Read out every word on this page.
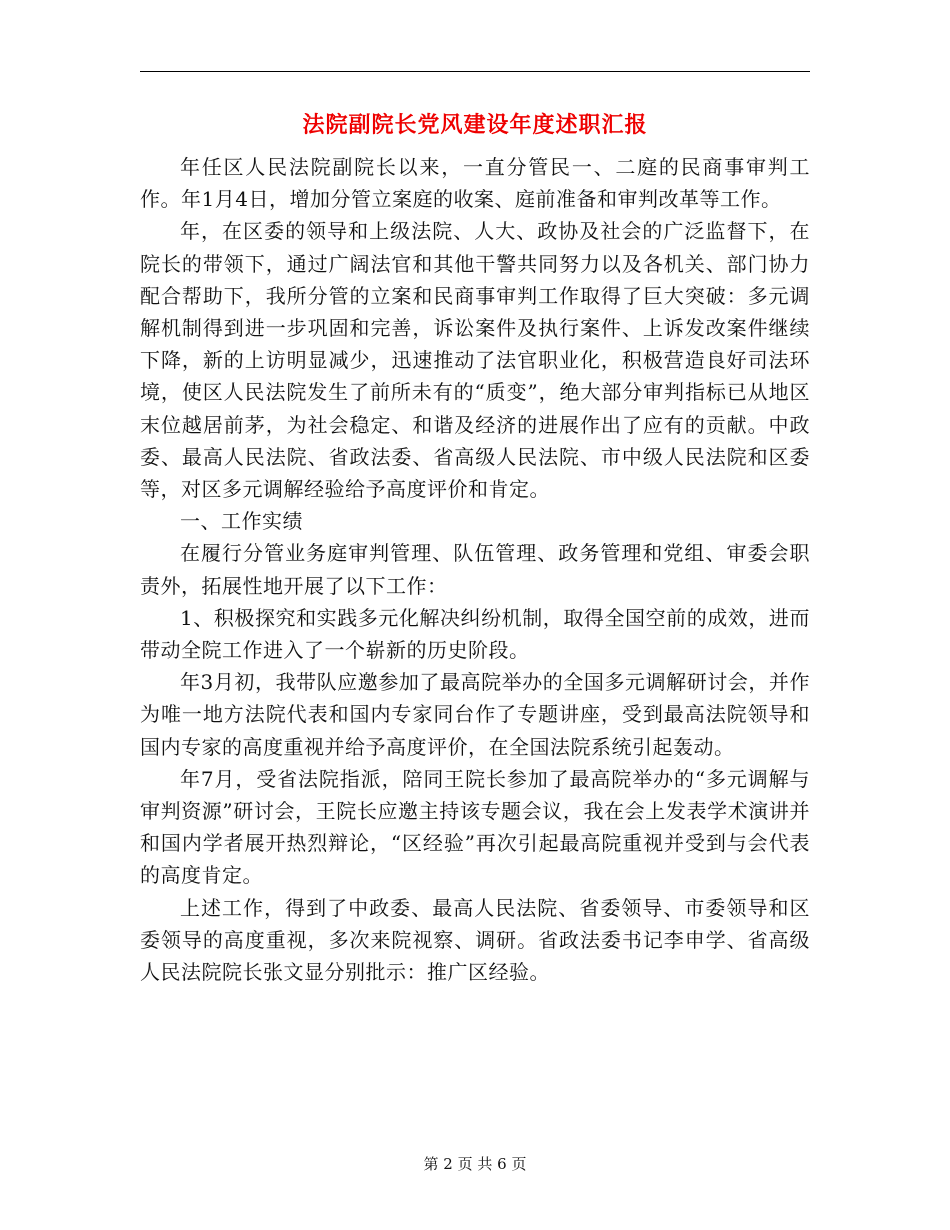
法院副院长党风建设年度述职汇报

年任区人民法院副院长以来，一直分管民一、二庭的民商事审判工作。年1月4日，增加分管立案庭的收案、庭前准备和审判改革等工作。

年，在区委的领导和上级法院、人大、政协及社会的广泛监督下，在院长的带领下，通过广阔法官和其他干警共同努力以及各机关、部门协力配合帮助下，我所分管的立案和民商事审判工作取得了巨大突破：多元调解机制得到进一步巩固和完善，诉讼案件及执行案件、上诉发改案件继续下降，新的上访明显减少，迅速推动了法官职业化，积极营造良好司法环境，使区人民法院发生了前所未有的“质变”，绝大部分审判指标已从地区末位越居前茅，为社会稳定、和谐及经济的进展作出了应有的贡献。中政委、最高人民法院、省政法委、省高级人民法院、市中级人民法院和区委等，对区多元调解经验给予高度评价和肯定。

一、工作实绩

在履行分管业务庭审判管理、队伍管理、政务管理和党组、审委会职责外，拓展性地开展了以下工作：

1、积极探究和实践多元化解决纠纷机制，取得全国空前的成效，进而带动全院工作进入了一个崭新的历史阶段。

年3月初，我带队应邀参加了最高院举办的全国多元调解研讨会，并作为唯一地方法院代表和国内专家同台作了专题讲座，受到最高法院领导和国内专家的高度重视并给予高度评价，在全国法院系统引起轰动。

年7月，受省法院指派，陪同王院长参加了最高院举办的“多元调解与审判资源”研讨会，王院长应邀主持该专题会议，我在会上发表学术演讲并和国内学者展开热烈辩论，“区经验”再次引起最高院重视并受到与会代表的高度肯定。

上述工作，得到了中政委、最高人民法院、省委领导、市委领导和区委领导的高度重视，多次来院视察、调研。省政法委书记李申学、省高级人民法院院长张文显分别批示：推广区经验。

第 2 页 共 6 页
